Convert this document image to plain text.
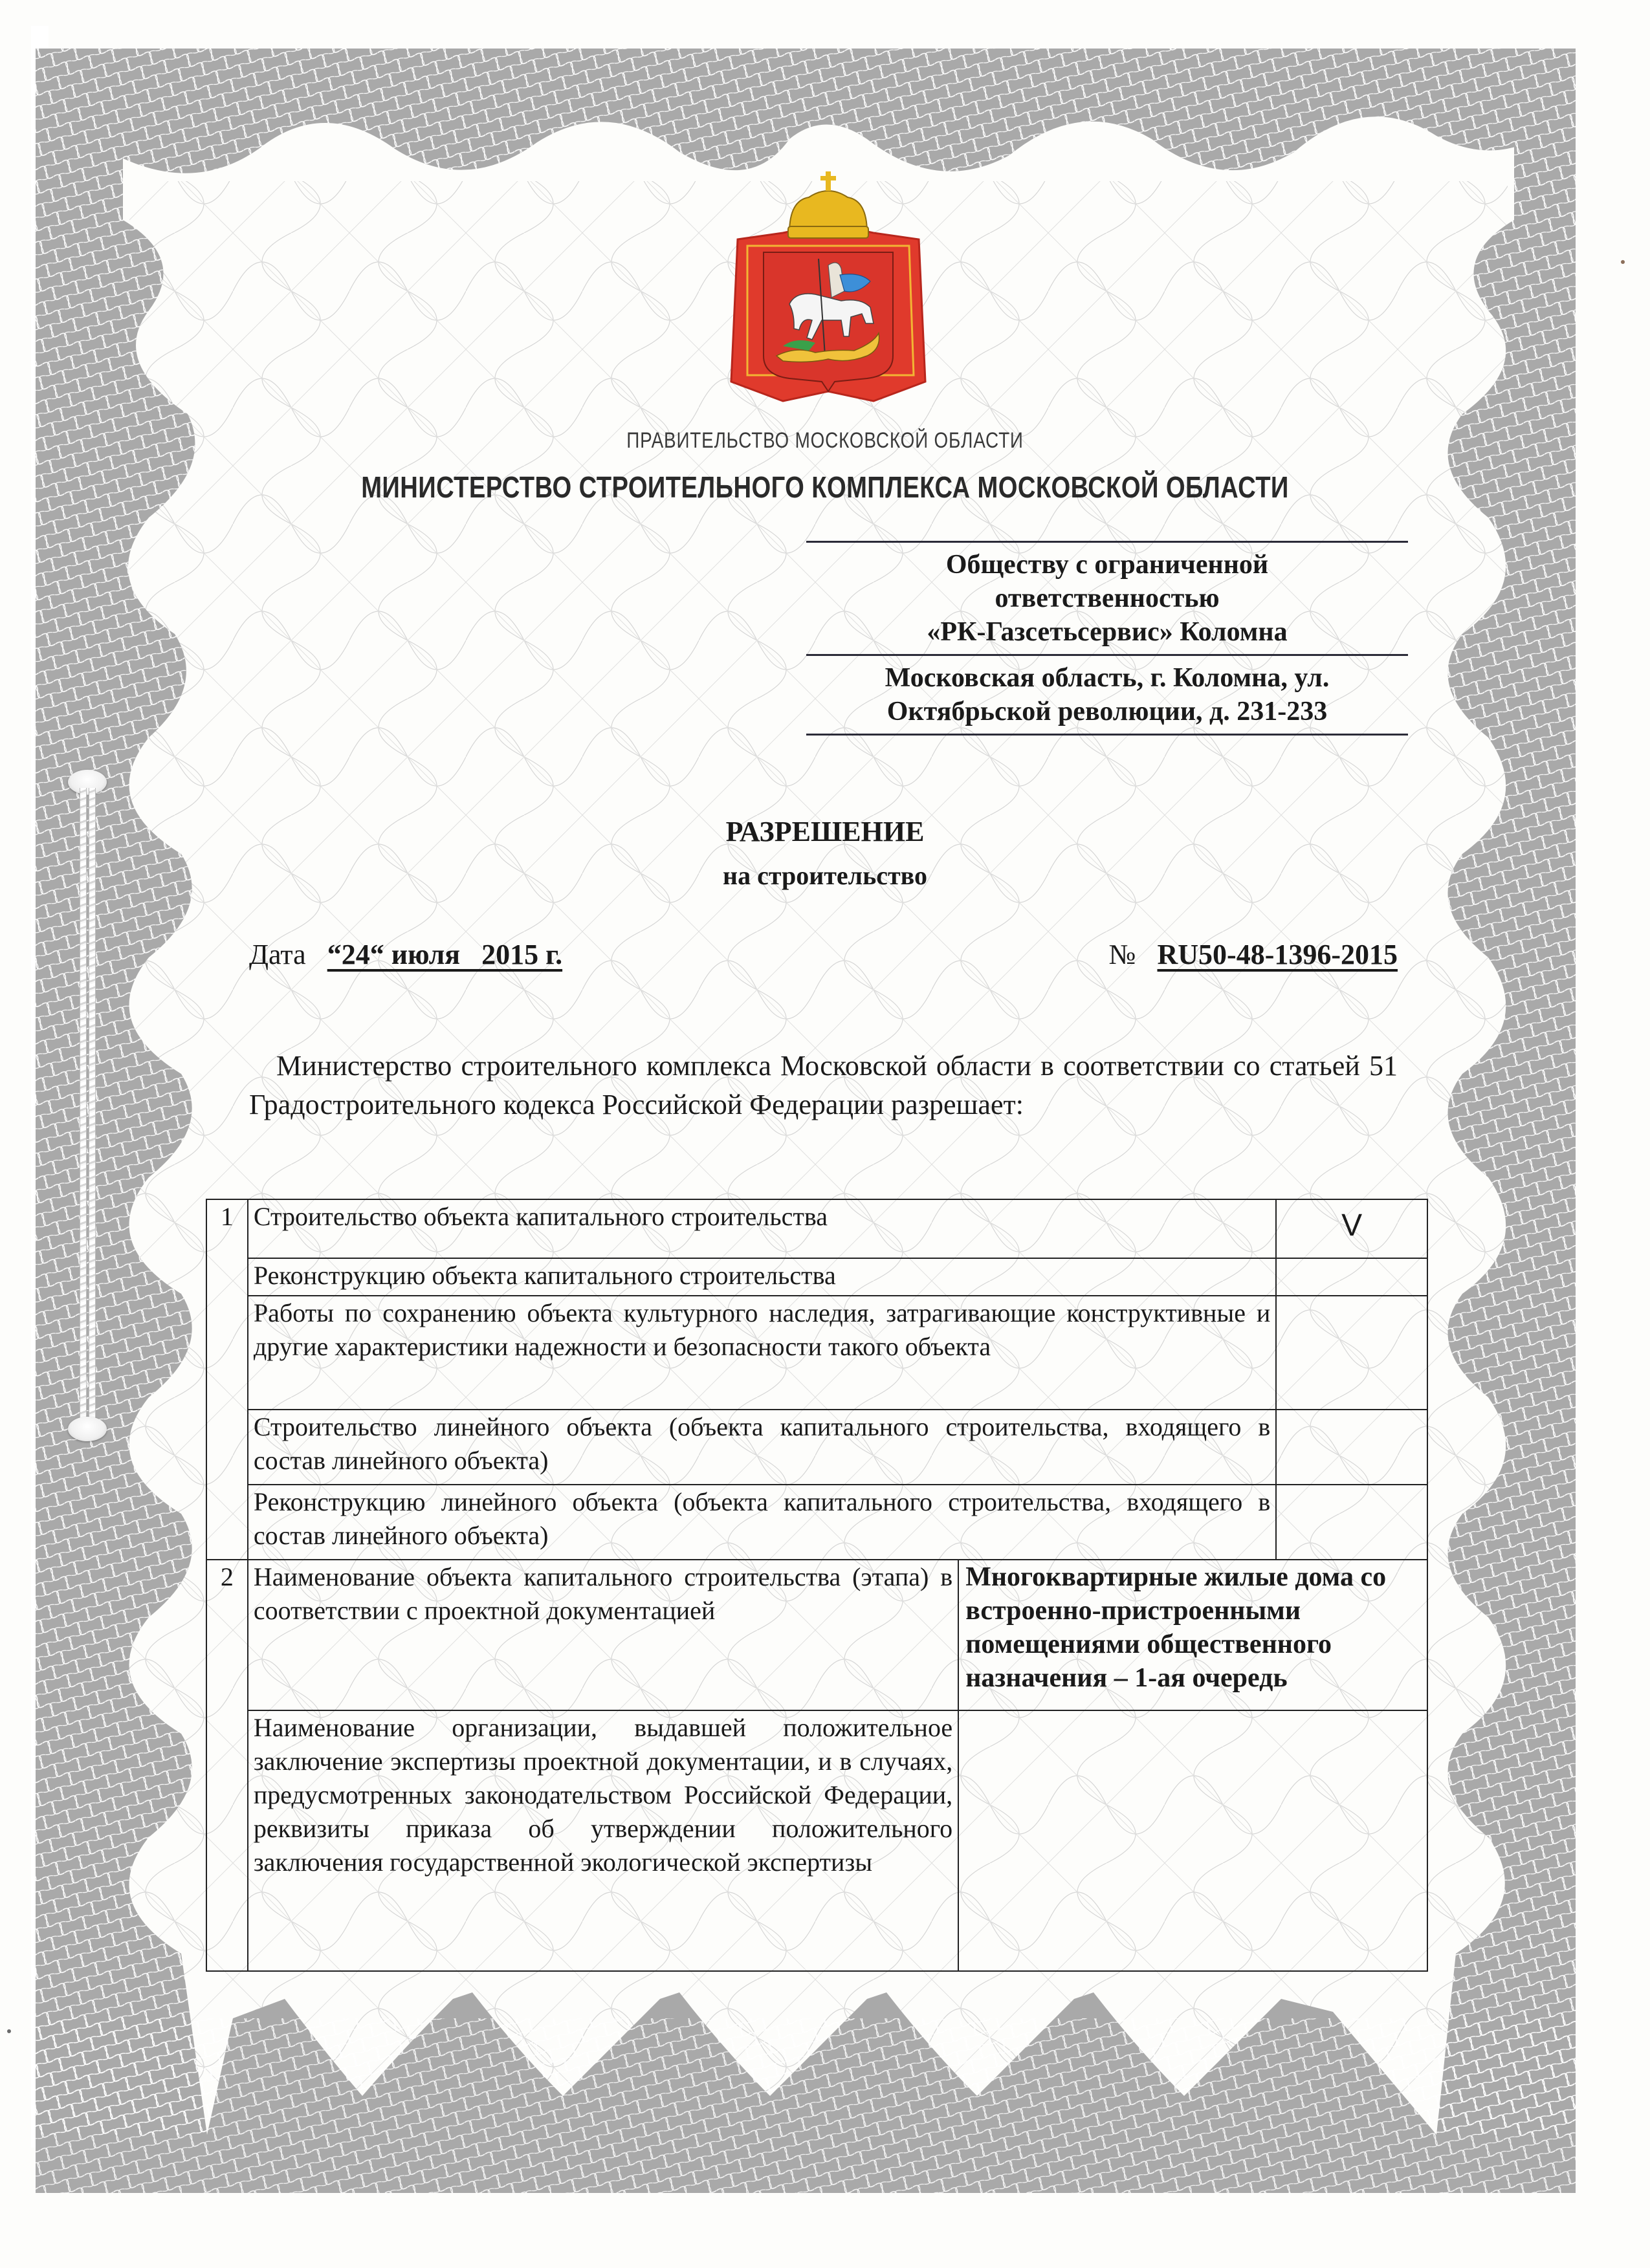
ПРАВИТЕЛЬСТВО МОСКОВСКОЙ ОБЛАСТИ
МИНИСТЕРСТВО СТРОИТЕЛЬНОГО КОМПЛЕКСА МОСКОВСКОЙ ОБЛАСТИ
Обществу с ограниченной
ответственностью
«РК-Газсетьсервис» Коломна
Московская область, г. Коломна, ул.
Октябрьской революции, д. 231-233
РАЗРЕШЕНИЕ
на строительство
Дата “24“ июля   2015 г.	№ RU50-48-1396-2015
Министерство строительного комплекса Московской области в соответствии со статьей 51 Градостроительного кодекса Российской Федерации разрешает:
1	Строительство объекта капитального строительства		V
	Реконструкцию объекта капитального строительства		
	Работы по сохранению объекта культурного наследия, затрагивающие конструктивные и другие характеристики надежности и безопасности такого объекта		
	Строительство линейного объекта (объекта капитального строительства, входящего в состав линейного объекта)		
	Реконструкцию линейного объекта (объекта капитального строительства, входящего в состав линейного объекта)		
2	Наименование объекта капитального строительства (этапа) в соответствии с проектной документацией	Многоквартирные жилые дома со встроенно-пристроенными помещениями общественного назначения – 1-ая очередь	
	Наименование организации, выдавшей положительное заключение экспертизы проектной документации, и в случаях, предусмотренных законодательством Российской Федерации, реквизиты приказа об утверждении положительного заключения государственной экологической экспертизы		
